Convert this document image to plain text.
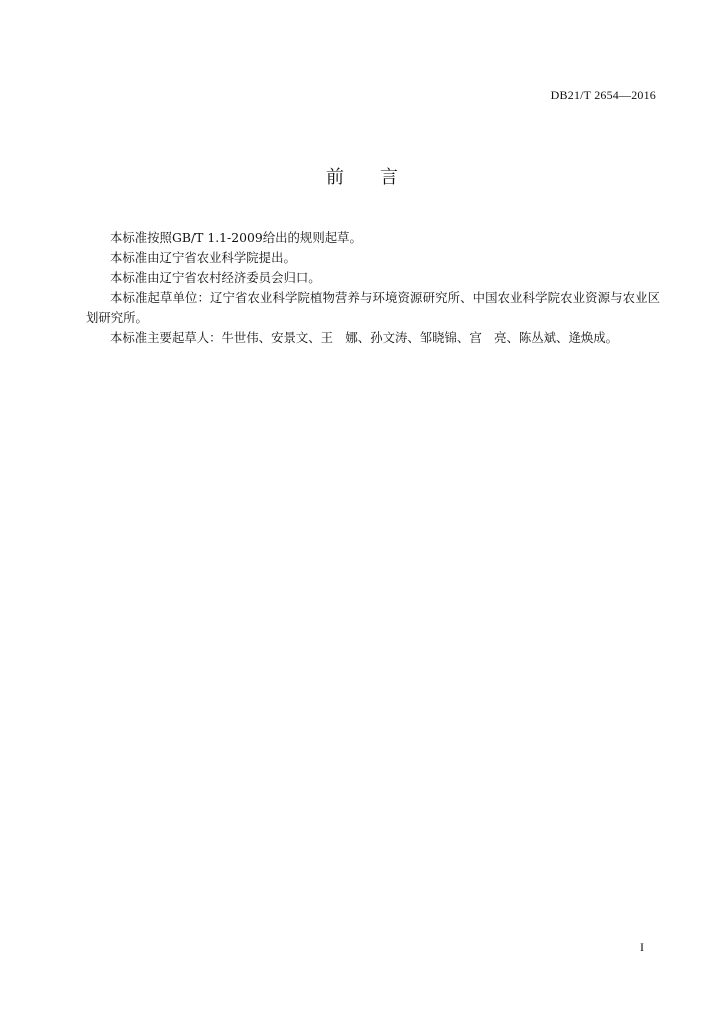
DB21/T 2654—2016
前 言

本标准按照GB/T 1.1-2009给出的规则起草。

本标准由辽宁省农业科学院提出。

本标准由辽宁省农村经济委员会归口。

本标准起草单位：辽宁省农业科学院植物营养与环境资源研究所、中国农业科学院农业资源与农业区划研究所。

本标准主要起草人：牛世伟、安景文、王　娜、孙文涛、邹晓锦、宫　亮、陈丛斌、逄焕成。

I
